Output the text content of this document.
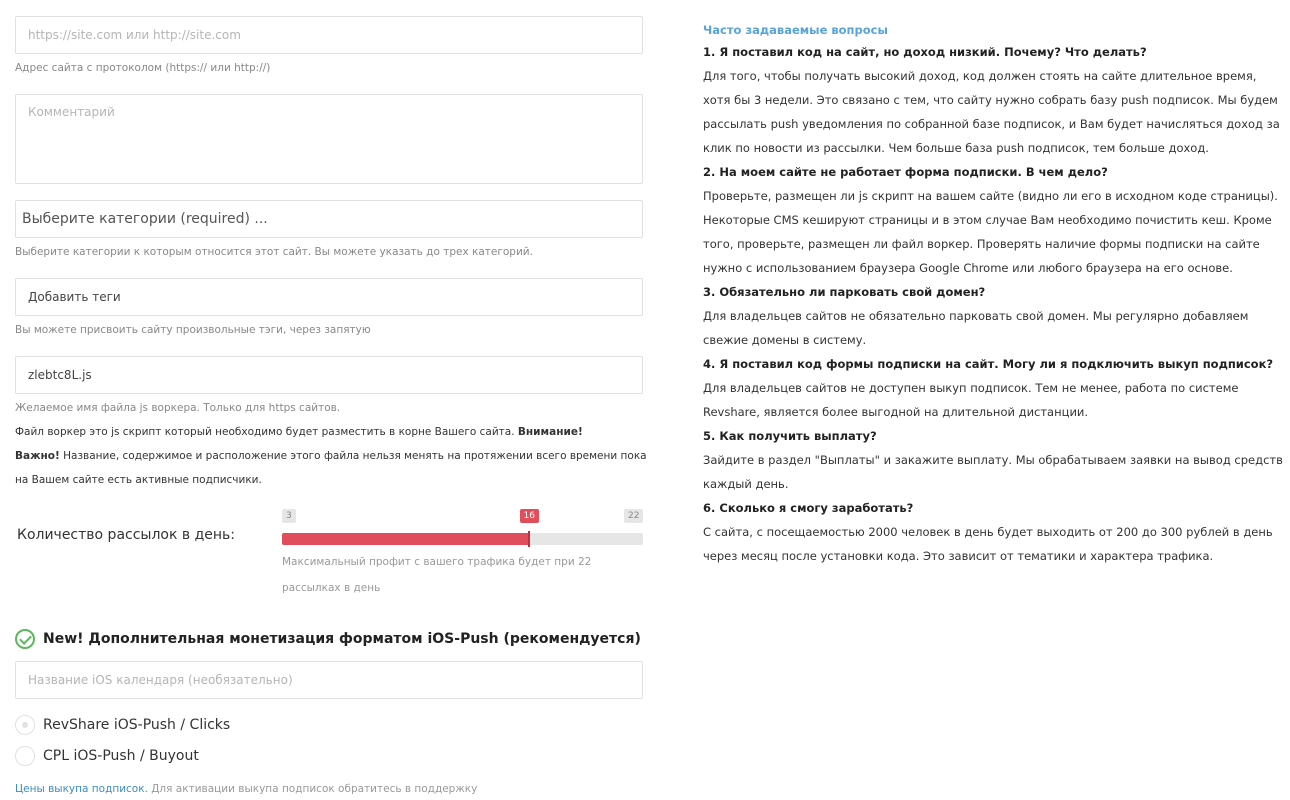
https://site.com или http://site.com
Адрес сайта с протоколом (https:// или http://)
Комментарий
Выберите категории (required) ...
Выберите категории к которым относится этот сайт. Вы можете указать до трех категорий.
Добавить теги
Вы можете присвоить сайту произвольные тэги, через запятую
zlebtc8L.js
Желаемое имя файла js воркера. Только для https сайтов.
Файл воркер это js скрипт который необходимо будет разместить в корне Вашего сайта. Внимание!
Важно! Название, содержимое и расположение этого файла нельзя менять на протяжении всего времени пока на Вашем сайте есть активные подписчики.
Количество рассылок в день:
3	16	22
Максимальный профит с вашего трафика будет при 22 рассылках в день
New! Дополнительная монетизация форматом iOS-Push (рекомендуется)
Название iOS календаря (необязательно)
RevShare iOS-Push / Clicks
CPL iOS-Push / Buyout
Цены выкупа подписок. Для активации выкупа подписок обратитесь в поддержку
Часто задаваемые вопросы
1. Я поставил код на сайт, но доход низкий. Почему? Что делать?
Для того, чтобы получать высокий доход, код должен стоять на сайте длительное время, хотя бы 3 недели. Это связано с тем, что сайту нужно собрать базу push подписок. Мы будем рассылать push уведомления по собранной базе подписок, и Вам будет начисляться доход за клик по новости из рассылки. Чем больше база push подписок, тем больше доход.
2. На моем сайте не работает форма подписки. В чем дело?
Проверьте, размещен ли js скрипт на вашем сайте (видно ли его в исходном коде страницы). Некоторые CMS кешируют страницы и в этом случае Вам необходимо почистить кеш. Кроме того, проверьте, размещен ли файл воркер. Проверять наличие формы подписки на сайте нужно с использованием браузера Google Chrome или любого браузера на его основе.
3. Обязательно ли парковать свой домен?
Для владельцев сайтов не обязательно парковать свой домен. Мы регулярно добавляем свежие домены в систему.
4. Я поставил код формы подписки на сайт. Могу ли я подключить выкуп подписок?
Для владельцев сайтов не доступен выкуп подписок. Тем не менее, работа по системе Revshare, является более выгодной на длительной дистанции.
5. Как получить выплату?
Зайдите в раздел "Выплаты" и закажите выплату. Мы обрабатываем заявки на вывод средств каждый день.
6. Сколько я смогу заработать?
С сайта, с посещаемостью 2000 человек в день будет выходить от 200 до 300 рублей в день через месяц после установки кода. Это зависит от тематики и характера трафика.
